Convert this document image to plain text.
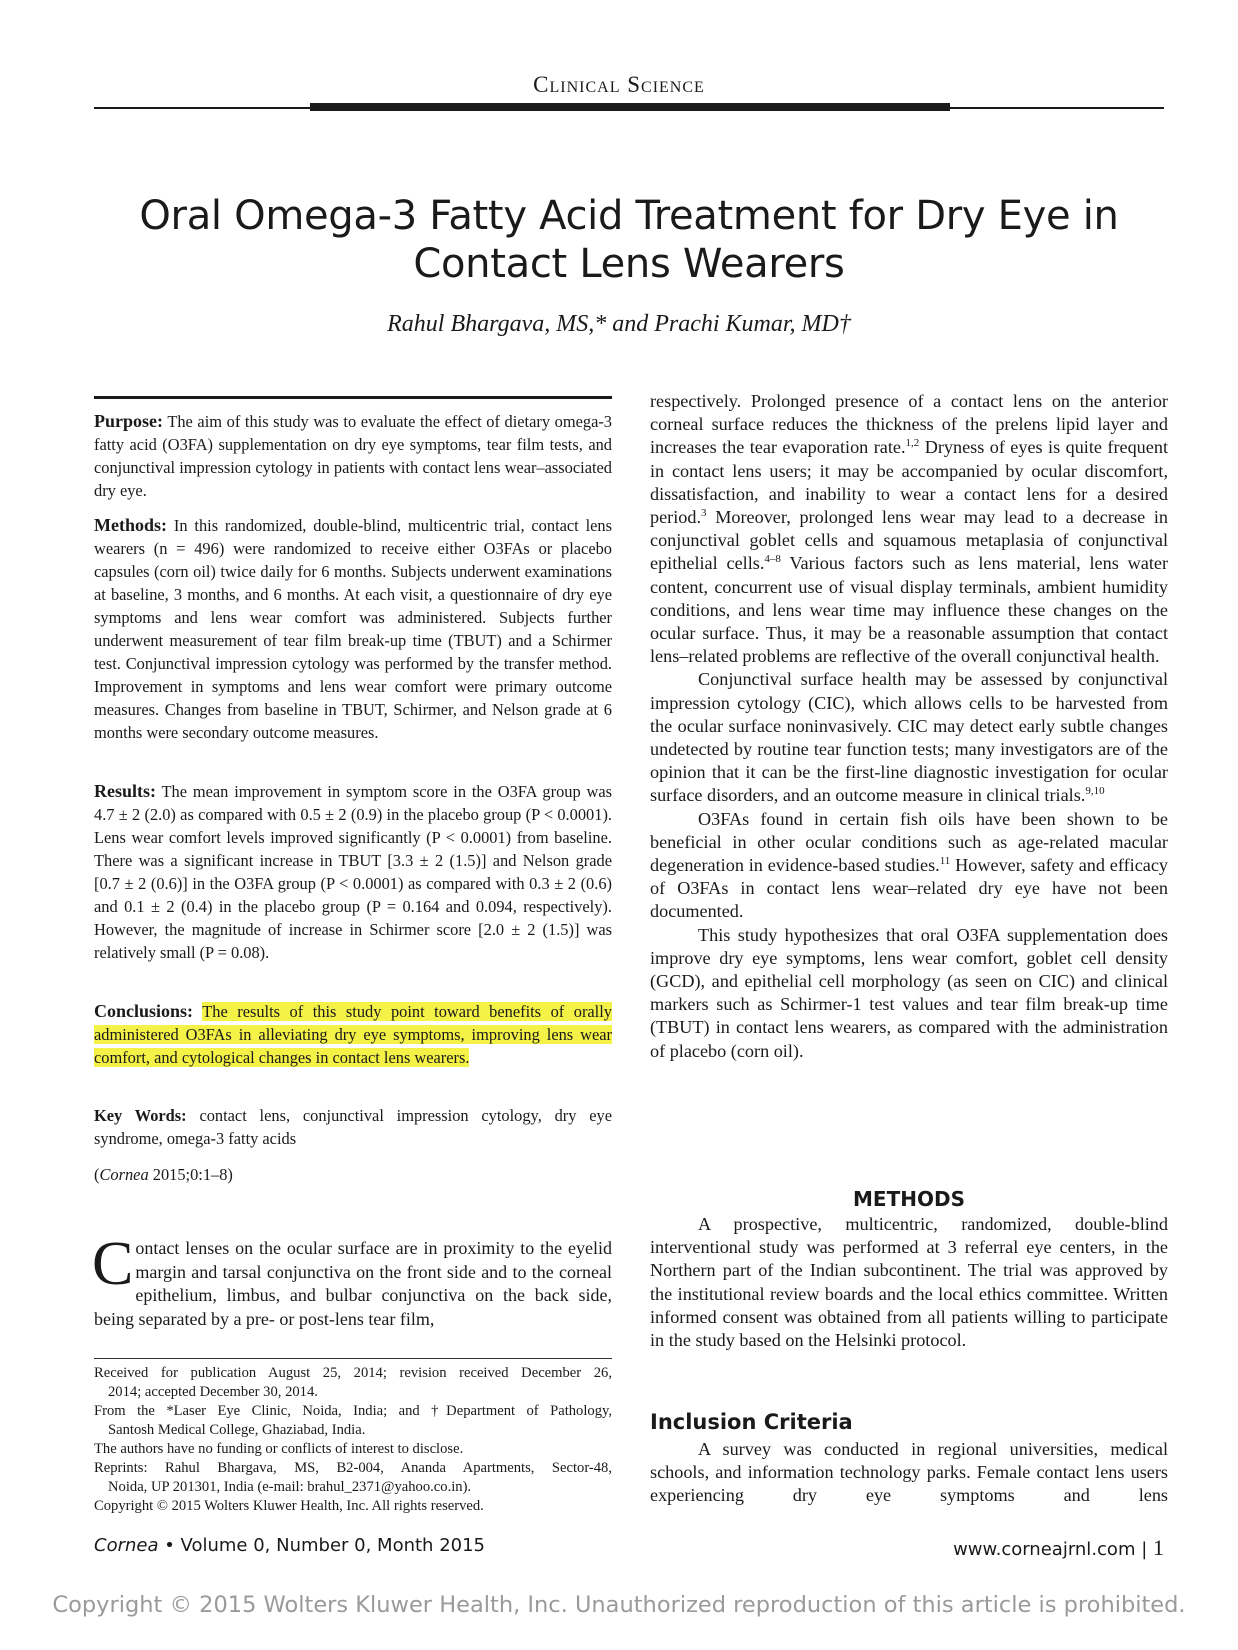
Clinical Science
Oral Omega-3 Fatty Acid Treatment for Dry Eye in Contact Lens Wearers
Rahul Bhargava, MS,* and Prachi Kumar, MD†

Purpose: The aim of this study was to evaluate the effect of dietary omega-3 fatty acid (O3FA) supplementation on dry eye symptoms, tear film tests, and conjunctival impression cytology in patients with contact lens wear–associated dry eye.

Methods: In this randomized, double-blind, multicentric trial, contact lens wearers (n = 496) were randomized to receive either O3FAs or placebo capsules (corn oil) twice daily for 6 months. Subjects underwent examinations at baseline, 3 months, and 6 months. At each visit, a questionnaire of dry eye symptoms and lens wear comfort was administered. Subjects further underwent measurement of tear film break-up time (TBUT) and a Schirmer test. Conjunctival impression cytology was performed by the transfer method. Improvement in symptoms and lens wear comfort were primary outcome measures. Changes from baseline in TBUT, Schirmer, and Nelson grade at 6 months were secondary outcome measures.

Results: The mean improvement in symptom score in the O3FA group was 4.7 ± 2 (2.0) as compared with 0.5 ± 2 (0.9) in the placebo group (P < 0.0001). Lens wear comfort levels improved significantly (P < 0.0001) from baseline. There was a significant increase in TBUT [3.3 ± 2 (1.5)] and Nelson grade [0.7 ± 2 (0.6)] in the O3FA group (P < 0.0001) as compared with 0.3 ± 2 (0.6) and 0.1 ± 2 (0.4) in the placebo group (P = 0.164 and 0.094, respectively). However, the magnitude of increase in Schirmer score [2.0 ± 2 (1.5)] was relatively small (P = 0.08).

Conclusions: The results of this study point toward benefits of orally administered O3FAs in alleviating dry eye symptoms, improving lens wear comfort, and cytological changes in contact lens wearers.

Key Words: contact lens, conjunctival impression cytology, dry eye syndrome, omega-3 fatty acids

(Cornea 2015;0:1–8)
Contact lenses on the ocular surface are in proximity to the eyelid margin and tarsal conjunctiva on the front side and to the corneal epithelium, limbus, and bulbar conjunctiva on the back side, being separated by a pre- or post-lens tear film,
Received for publication August 25, 2014; revision received December 26,
2014; accepted December 30, 2014.
From the *Laser Eye Clinic, Noida, India; and †Department of Pathology,
Santosh Medical College, Ghaziabad, India.
The authors have no funding or conflicts of interest to disclose.
Reprints: Rahul Bhargava, MS, B2-004, Ananda Apartments, Sector-48,
Noida, UP 201301, India (e-mail: brahul_2371@yahoo.co.in).
Copyright © 2015 Wolters Kluwer Health, Inc. All rights reserved.

respectively. Prolonged presence of a contact lens on the anterior corneal surface reduces the thickness of the prelens lipid layer and increases the tear evaporation rate.$^{1,2}$ Dryness of eyes is quite frequent in contact lens users; it may be accompanied by ocular discomfort, dissatisfaction, and inability to wear a contact lens for a desired period.$^3$ Moreover, prolonged lens wear may lead to a decrease in conjunctival goblet cells and squamous metaplasia of conjunctival epithelial cells.$^{4-8}$ Various factors such as lens material, lens water content, concurrent use of visual display terminals, ambient humidity conditions, and lens wear time may influence these changes on the ocular surface. Thus, it may be a reasonable assumption that contact lens–related problems are reflective of the overall conjunctival health.

Conjunctival surface health may be assessed by conjunctival impression cytology (CIC), which allows cells to be harvested from the ocular surface noninvasively. CIC may detect early subtle changes undetected by routine tear function tests; many investigators are of the opinion that it can be the first-line diagnostic investigation for ocular surface disorders, and an outcome measure in clinical trials.$^{9,10}$

O3FAs found in certain fish oils have been shown to be beneficial in other ocular conditions such as age-related macular degeneration in evidence-based studies.$^{11}$ However, safety and efficacy of O3FAs in contact lens wear–related dry eye have not been documented.

This study hypothesizes that oral O3FA supplementation does improve dry eye symptoms, lens wear comfort, goblet cell density (GCD), and epithelial cell morphology (as seen on CIC) and clinical markers such as Schirmer-1 test values and tear film break-up time (TBUT) in contact lens wearers, as compared with the administration of placebo (corn oil).

METHODS

A prospective, multicentric, randomized, double-blind interventional study was performed at 3 referral eye centers, in the Northern part of the Indian subcontinent. The trial was approved by the institutional review boards and the local ethics committee. Written informed consent was obtained from all patients willing to participate in the study based on the Helsinki protocol.

Inclusion Criteria

A survey was conducted in regional universities, medical schools, and information technology parks. Female contact lens users experiencing dry eye symptoms and lens

Cornea • Volume 0, Number 0, Month 2015	www.corneajrnl.com | 1
Copyright © 2015 Wolters Kluwer Health, Inc. Unauthorized reproduction of this article is prohibited.
